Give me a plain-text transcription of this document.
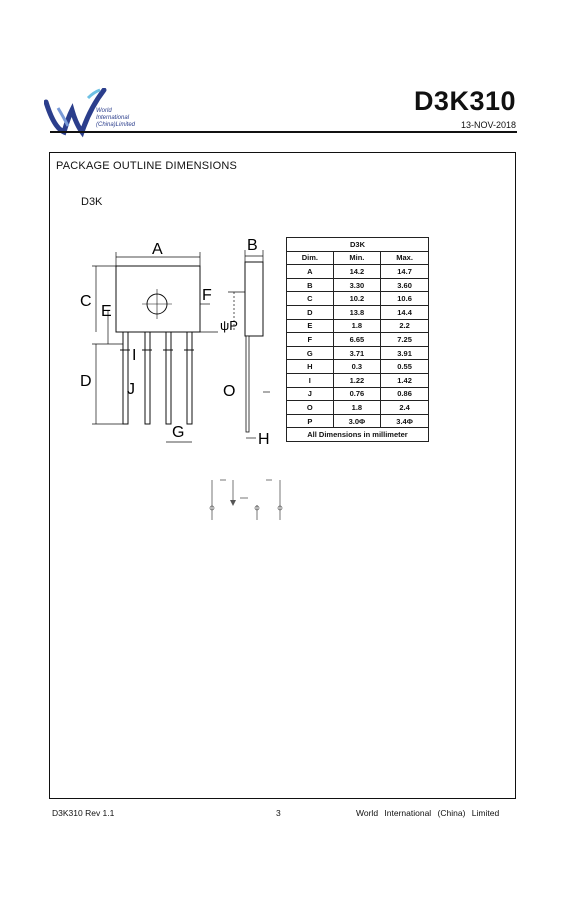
World
International
(China)Limited
D3K310
13-NOV-2018
PACKAGE OUTLINE DIMENSIONS
D3K
A
C
E
D
I
J
F
ψP
G
B
O
H
D3K		
Dim.	Min.	Max.
A	14.2	14.7
B	3.30	3.60
C	10.2	10.6
D	13.8	14.4
E	1.8	2.2
F	6.65	7.25
G	3.71	3.91
H	0.3	0.55
I	1.22	1.42
J	0.76	0.86
O	1.8	2.4
P	3.0Φ	3.4Φ
All Dimensions in millimeter		
D3K310 Rev 1.1	3	World International (China) Limited
